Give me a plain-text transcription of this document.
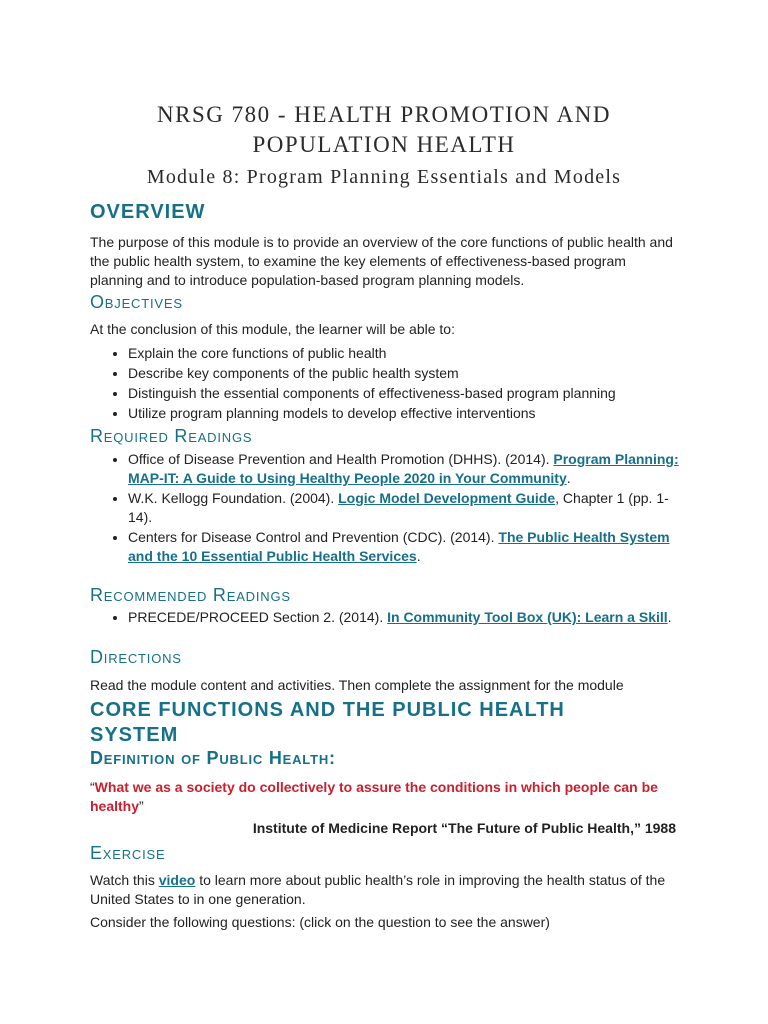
NRSG 780 - HEALTH PROMOTION AND
POPULATION HEALTH
Module 8: Program Planning Essentials and Models
OVERVIEW
The purpose of this module is to provide an overview of the core functions of public health and the public health system, to examine the key elements of effectiveness-based program planning and to introduce population-based program planning models.
Objectives
At the conclusion of this module, the learner will be able to:
• Explain the core functions of public health
• Describe key components of the public health system
• Distinguish the essential components of effectiveness-based program planning
• Utilize program planning models to develop effective interventions
Required Readings
• Office of Disease Prevention and Health Promotion (DHHS). (2014). Program Planning: MAP-IT: A Guide to Using Healthy People 2020 in Your Community.
• W.K. Kellogg Foundation. (2004). Logic Model Development Guide, Chapter 1 (pp. 1-14).
• Centers for Disease Control and Prevention (CDC). (2014). The Public Health System and the 10 Essential Public Health Services.
Recommended Readings
• PRECEDE/PROCEED Section 2. (2014). In Community Tool Box (UK): Learn a Skill.
Directions
Read the module content and activities. Then complete the assignment for the module
CORE FUNCTIONS AND THE PUBLIC HEALTH SYSTEM
Definition of Public Health:
“What we as a society do collectively to assure the conditions in which people can be healthy”
Institute of Medicine Report “The Future of Public Health,” 1988
Exercise
Watch this video to learn more about public health’s role in improving the health status of the United States to in one generation.
Consider the following questions: (click on the question to see the answer)
